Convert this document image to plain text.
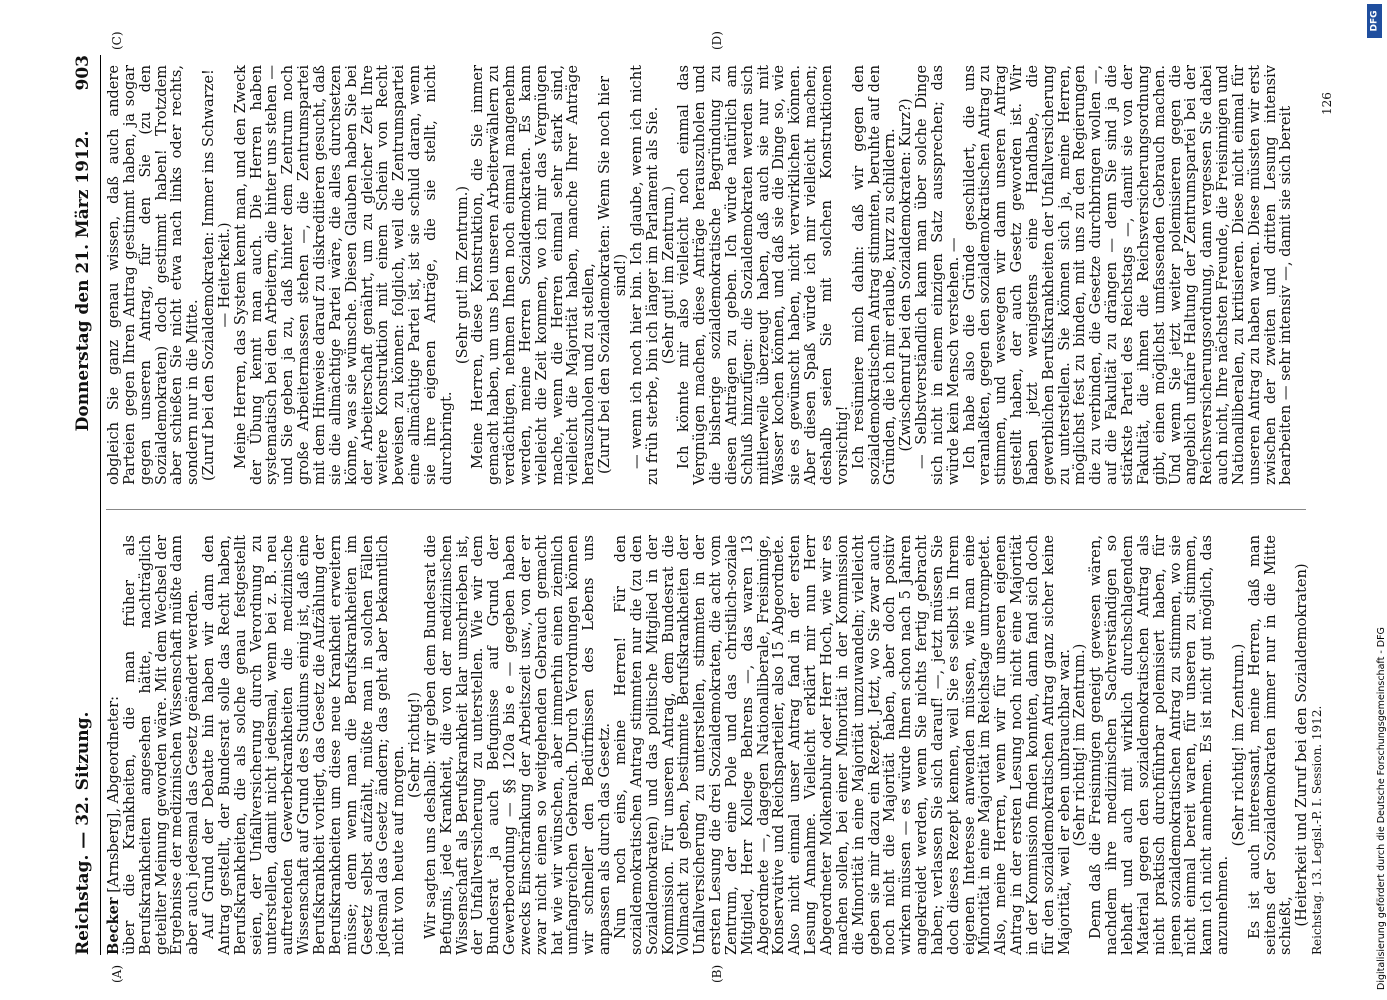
Reichstag. — 32. Sitzung.
Donnerstag den 21. März 1912.
903
(A)	(B)
(C)	(D)

Becker [Arnsberg], Abgeordneter:

über die Krankheiten, die man früher als Berufskrankheiten angesehen hätte, nachträglich geteilter Meinung geworden wäre. Mit dem Wechsel der Ergebnisse der medizinischen Wissenschaft müßte dann aber auch jedesmal das Gesetz geändert werden.

Auf Grund der Debatte hin haben wir dann den Antrag gestellt, der Bundesrat solle das Recht haben, Berufskrankheiten, die als solche genau festgestellt seien, der Unfallversicherung durch Verordnung zu unterstellen, damit nicht jedesmal, wenn bei z. B. neu auftretenden Gewerbekrankheiten die medizinische Wissenschaft auf Grund des Studiums einig ist, daß eine Berufskrankheit vorliegt, das Gesetz die Aufzählung der Berufskrankheiten um diese neue Krankheit erweitern müsse; denn wenn man die Berufskrankheiten im Gesetz selbst aufzählt, müßte man in solchen Fällen jedesmal das Gesetz ändern; das geht aber bekanntlich nicht von heute auf morgen.

(Sehr richtig!)

Wir sagten uns deshalb: wir geben dem Bundesrat die Befugnis, jede Krankheit, die von der medizinischen Wissenschaft als Berufskrankheit klar umschrieben ist, der Unfallversicherung zu unterstellen. Wie wir dem Bundesrat ja auch Befugnisse auf Grund der Gewerbeordnung — §§ 120a bis e — gegeben haben zwecks Einschränkung der Arbeitszeit usw., von der er zwar nicht einen so weitgehenden Gebrauch gemacht hat wie wir wünschen, aber immerhin einen ziemlich umfangreichen Gebrauch. Durch Verordnungen können wir schneller den Bedürfnissen des Lebens uns anpassen als durch das Gesetz.

Nun noch eins, meine Herren! Für den sozialdemokratischen Antrag stimmten nur die (zu den Sozialdemokraten) und das politische Mitglied in der Kommission. Für unseren Antrag, dem Bundesrat die Vollmacht zu geben, bestimmte Berufskrankheiten der Unfallversicherung zu unterstellen, stimmten in der ersten Lesung die drei Sozialdemokraten, die acht vom Zentrum, der eine Pole und das christlich-soziale Mitglied, Herr Kollege Behrens —, das waren 13 Abgeordnete —, dagegen Nationalliberale, Freisinnige, Konservative und Reichsparteiler, also 15 Abgeordnete. Also nicht einmal unser Antrag fand in der ersten Lesung Annahme. Vielleicht erklärt mir nun Herr Abgeordneter Molkenbuhr oder Herr Hoch, wie wir es machen sollen, bei einer Minorität in der Kommission die Minorität in eine Majorität umzuwandeln; vielleicht geben sie mir dazu ein Rezept. Jetzt, wo Sie zwar auch noch nicht die Majorität haben, aber doch positiv wirken müssen — es würde Ihnen schon nach 5 Jahren angekreidet werden, wenn Sie nichts fertig gebracht haben; verlassen Sie sich darauf! —, jetzt müssen Sie doch dieses Rezept kennen, weil Sie es selbst in Ihrem eigenen Interesse anwenden müssen, wie man eine Minorität in eine Majorität im Reichstage umtrompetet. Also, meine Herren, wenn wir für unseren eigenen Antrag in der ersten Lesung noch nicht eine Majorität in der Kommission finden konnten, dann fand sich doch für den sozialdemokratischen Antrag ganz sicher keine Majorität, weil er eben unbrauchbar war.

(Sehr richtig! im Zentrum.)

Denn daß die Freisinnigen geneigt gewesen wären, nachdem ihre medizinischen Sachverständigen so lebhaft und auch mit wirklich durchschlagendem Material gegen den sozialdemokratischen Antrag als nicht praktisch durchführbar polemisiert haben, für jenen sozialdemokratischen Antrag zu stimmen, wo sie nicht einmal bereit waren, für unseren zu stimmen, kann ich nicht annehmen. Es ist nicht gut möglich, das anzunehmen.

(Sehr richtig! im Zentrum.)

Es ist auch interessant, meine Herren, daß man seitens der Sozialdemokraten immer nur in die Mitte schießt,

(Heiterkeit und Zuruf bei den Sozialdemokraten)

obgleich Sie ganz genau wissen, daß auch andere Parteien gegen Ihren Antrag gestimmt haben, ja sogar gegen unseren Antrag, für den Sie (zu den Sozialdemokraten) doch gestimmt haben! Trotzdem aber schießen Sie nicht etwa nach links oder rechts, sondern nur in die Mitte.

(Zuruf bei den Sozialdemokraten: Immer ins Schwarze! — Heiterkeit.)

Meine Herren, das System kennt man, und den Zweck der Übung kennt man auch. Die Herren haben systematisch bei den Arbeitern, die hinter uns stehen — und Sie geben ja zu, daß hinter dem Zentrum noch große Arbeitermassen stehen —, die Zentrumspartei mit dem Hinweise darauf zu diskreditieren gesucht, daß sie die allmächtige Partei wäre, die alles durchsetzen könne, was sie wünsche. Diesen Glauben haben Sie bei der Arbeiterschaft genährt, um zu gleicher Zeit Ihre weitere Konstruktion mit einem Schein von Recht beweisen zu können: folglich, weil die Zentrumspartei eine allmächtige Partei ist, ist sie schuld daran, wenn sie ihre eigenen Anträge, die sie stellt, nicht durchbringt.

(Sehr gut! im Zentrum.)

Meine Herren, diese Konstruktion, die Sie immer gemacht haben, um uns bei unseren Arbeiterwählern zu verdächtigen, nehmen Ihnen noch einmal mangenehm werden, meine Herren Sozialdemokraten. Es kann vielleicht die Zeit kommen, wo ich mir das Vergnügen mache, wenn die Herren einmal sehr stark sind, vielleicht die Majorität haben, manche Ihrer Anträge herauszuholen und zu stellen,

(Zuruf bei den Sozialdemokraten: Wenn Sie noch hier sind!)

— wenn ich noch hier bin. Ich glaube, wenn ich nicht zu früh sterbe, bin ich länger im Parlament als Sie.

(Sehr gut! im Zentrum.)

Ich könnte mir also vielleicht noch einmal das Vergnügen machen, diese Anträge herauszuholen und die bisherige sozialdemokratische Begründung zu diesen Anträgen zu geben. Ich würde natürlich am Schluß hinzufügen: die Sozialdemokraten werden sich mittlerweile überzeugt haben, daß auch sie nur mit Wasser kochen können, und daß sie die Dinge so, wie sie es gewünscht haben, nicht verwirklichen können. Aber diesen Spaß würde ich mir vielleicht machen; deshalb seien Sie mit solchen Konstruktionen vorsichtig!

Ich resümiere mich dahin: daß wir gegen den sozialdemokratischen Antrag stimmten, beruhte auf den Gründen, die ich mir erlaube, kurz zu schildern.

(Zwischenruf bei den Sozialdemokraten: Kurz?)

— Selbstverständlich kann man über solche Dinge sich nicht in einem einzigen Satz aussprechen; das würde kein Mensch verstehen. —

Ich habe also die Gründe geschildert, die uns veranlaßten, gegen den sozialdemokratischen Antrag zu stimmen, und weswegen wir dann unseren Antrag gestellt haben, der auch Gesetz geworden ist. Wir haben jetzt wenigstens eine Handhabe, die gewerblichen Berufskrankheiten der Unfallversicherung zu unterstellen. Sie können sich ja, meine Herren, möglichst fest zu binden, mit uns zu den Regierungen die zu verbinden, die Gesetze durchbringen wollen —, auf die Fakultät zu drängen — denn Sie sind ja die stärkste Partei des Reichstags —, damit sie von der Fakultät, die ihnen die Reichsversicherungsordnung gibt, einen möglichst umfassenden Gebrauch machen. Und wenn Sie jetzt weiter polemisieren gegen die angeblich unfaire Haltung der Zentrumspartei bei der Reichsversicherungsordnung, dann vergessen Sie dabei auch nicht, Ihre nächsten Freunde, die Freisinnigen und Nationalliberalen, zu kritisieren. Diese nicht einmal für unseren Antrag zu haben waren. Diese müssten wir erst zwischen der zweiten und dritten Lesung intensiv bearbeiten — sehr intensiv —, damit sie sich bereit

Reichstag. 13. Legisl.-P. I. Session. 1912.
126
DFG
Digitalisierung gefördert durch die Deutsche Forschungsgemeinschaft - DFG
